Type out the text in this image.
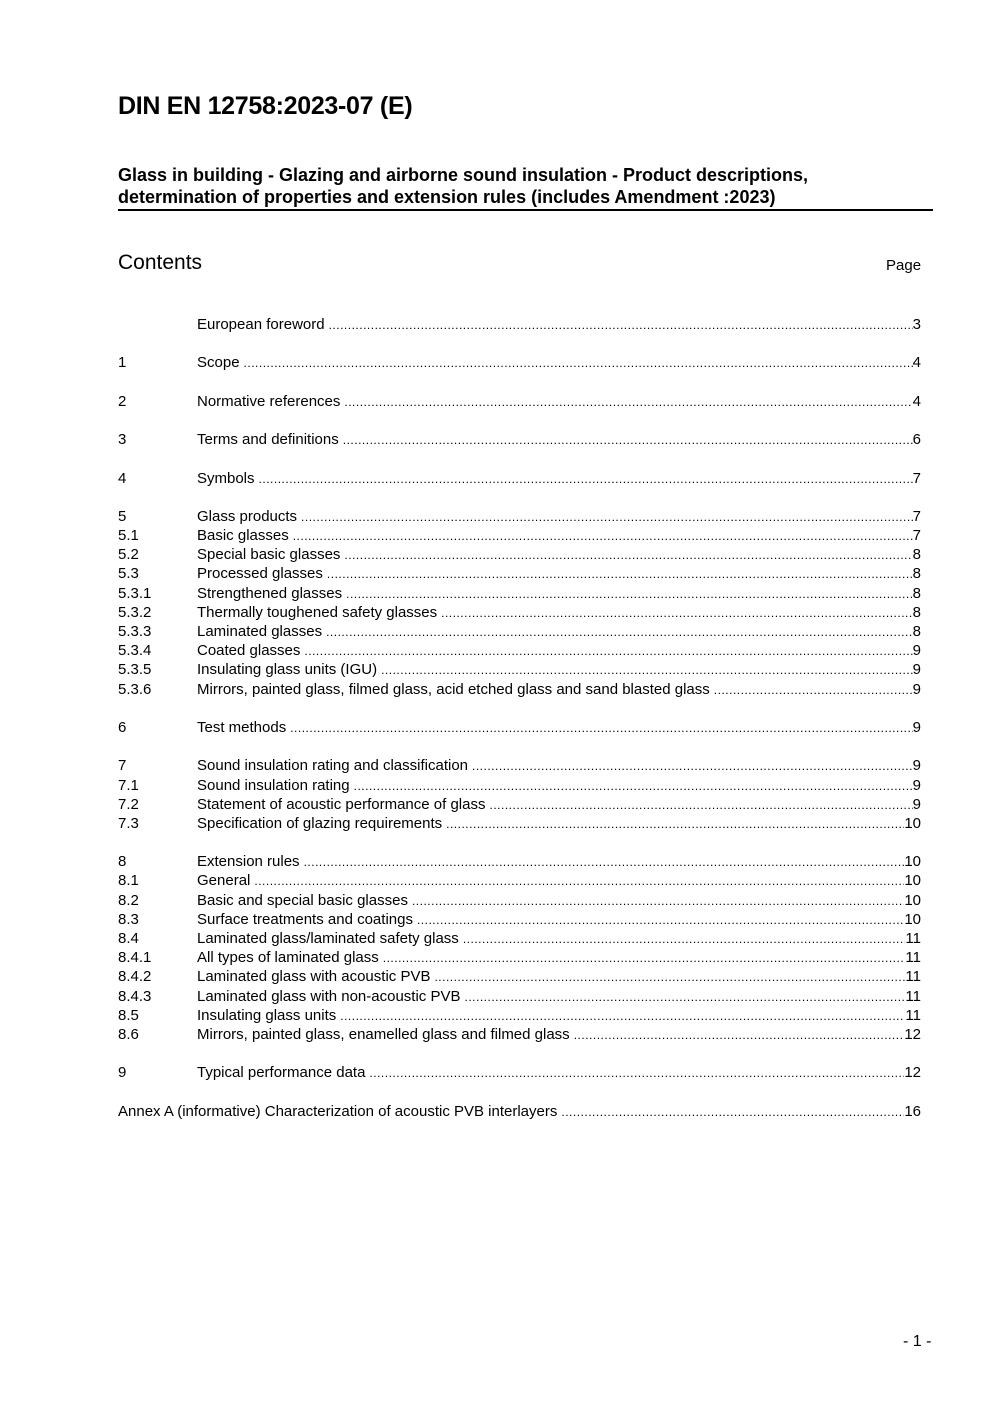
DIN EN 12758:2023-07 (E)
Glass in building - Glazing and airborne sound insulation - Product descriptions,
determination of properties and extension rules (includes Amendment :2023)
Contents	Page
European foreword .....	3
1	Scope .....	4
2	Normative references .....	4
3	Terms and definitions .....	6
4	Symbols .....	7
5	Glass products .....	7
5.1	Basic glasses .....	7
5.2	Special basic glasses .....	8
5.3	Processed glasses .....	8
5.3.1	Strengthened glasses .....	8
5.3.2	Thermally toughened safety glasses .....	8
5.3.3	Laminated glasses .....	8
5.3.4	Coated glasses .....	9
5.3.5	Insulating glass units (IGU) .....	9
5.3.6	Mirrors, painted glass, filmed glass, acid etched glass and sand blasted glass .....	9
6	Test methods .....	9
7	Sound insulation rating and classification .....	9
7.1	Sound insulation rating .....	9
7.2	Statement of acoustic performance of glass .....	9
7.3	Specification of glazing requirements .....	10
8	Extension rules .....	10
8.1	General .....	10
8.2	Basic and special basic glasses .....	10
8.3	Surface treatments and coatings .....	10
8.4	Laminated glass/laminated safety glass .....	11
8.4.1	All types of laminated glass .....	11
8.4.2	Laminated glass with acoustic PVB .....	11
8.4.3	Laminated glass with non-acoustic PVB .....	11
8.5	Insulating glass units .....	11
8.6	Mirrors, painted glass, enamelled glass and filmed glass .....	12
9	Typical performance data .....	12
Annex A (informative) Characterization of acoustic PVB interlayers .....	16
- 1 -
